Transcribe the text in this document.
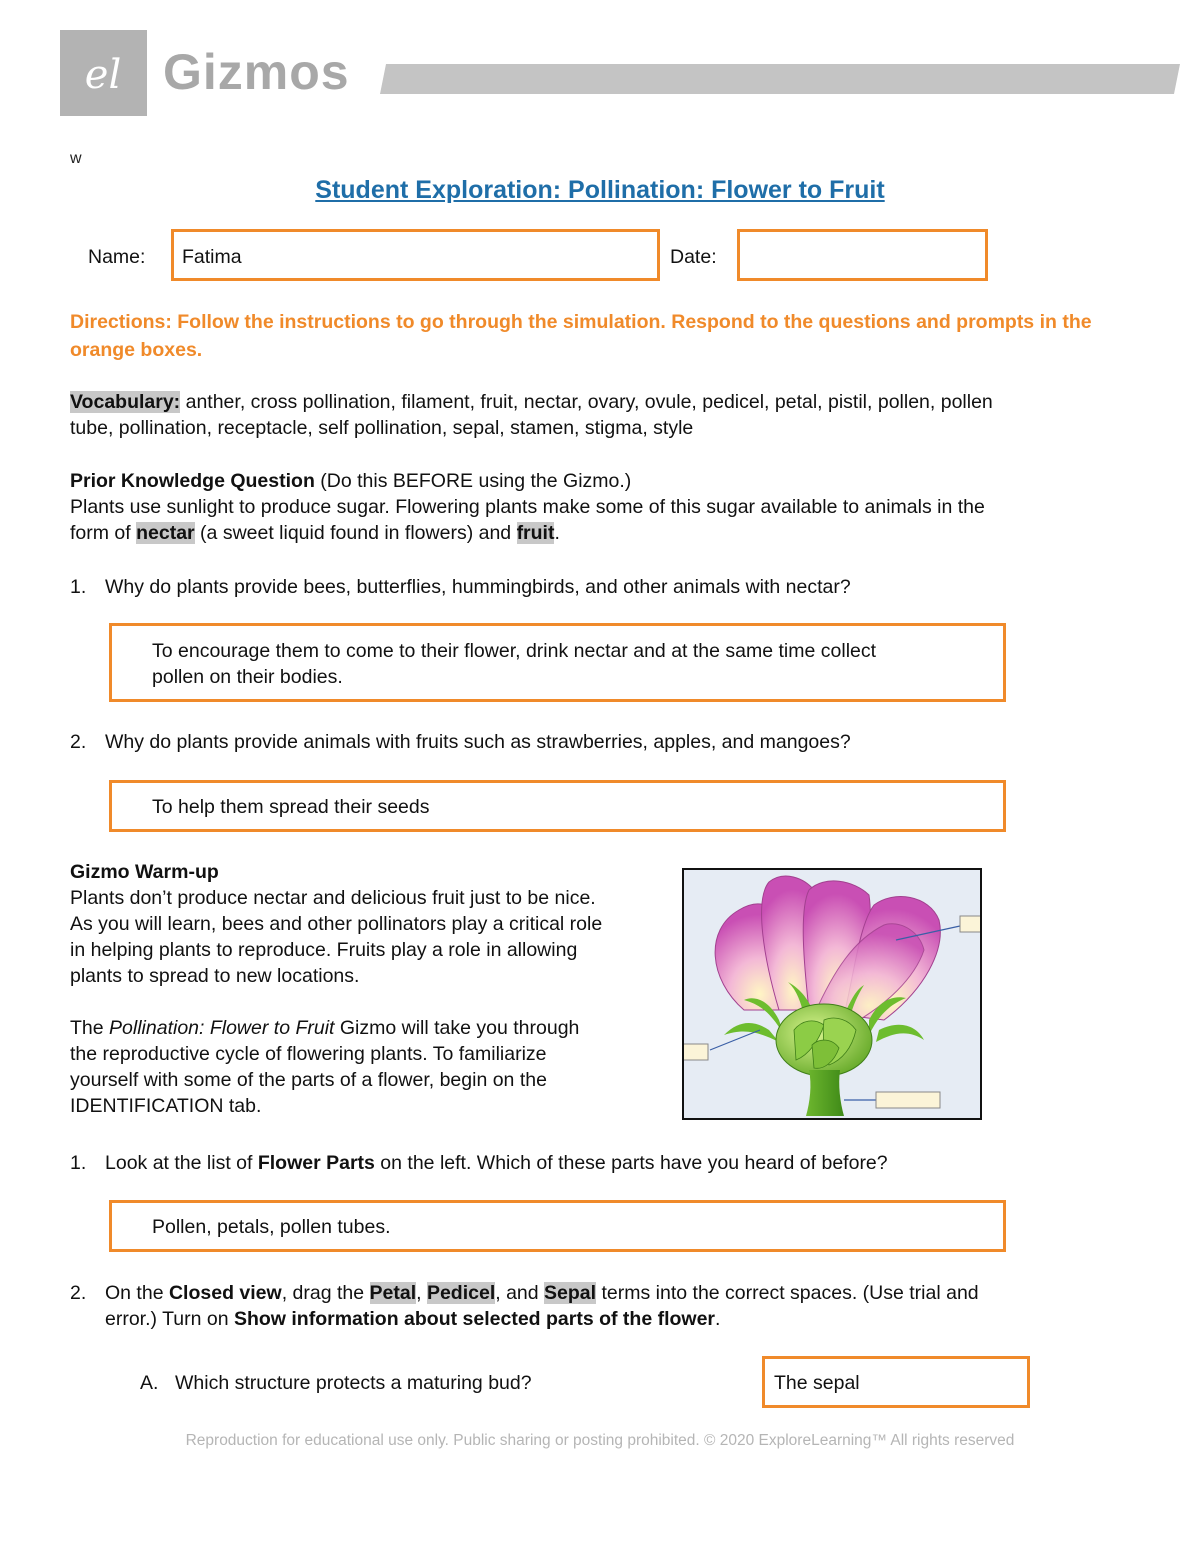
el Gizmos
w
Student Exploration: Pollination: Flower to Fruit
Name: Fatima	Date:
Directions: Follow the instructions to go through the simulation. Respond to the questions and prompts in the orange boxes.
Vocabulary: anther, cross pollination, filament, fruit, nectar, ovary, ovule, pedicel, petal, pistil, pollen, pollen
tube, pollination, receptacle, self pollination, sepal, stamen, stigma, style
Prior Knowledge Question (Do this BEFORE using the Gizmo.)
Plants use sunlight to produce sugar. Flowering plants make some of this sugar available to animals in the
form of nectar (a sweet liquid found in flowers) and fruit.
1. Why do plants provide bees, butterflies, hummingbirds, and other animals with nectar?
To encourage them to come to their flower, drink nectar and at the same time collect
pollen on their bodies.
2. Why do plants provide animals with fruits such as strawberries, apples, and mangoes?
To help them spread their seeds
Gizmo Warm-up
Plants don’t produce nectar and delicious fruit just to be nice.
As you will learn, bees and other pollinators play a critical role
in helping plants to reproduce. Fruits play a role in allowing
plants to spread to new locations.
The Pollination: Flower to Fruit Gizmo will take you through
the reproductive cycle of flowering plants. To familiarize
yourself with some of the parts of a flower, begin on the
IDENTIFICATION tab.
1. Look at the list of Flower Parts on the left. Which of these parts have you heard of before?
Pollen, petals, pollen tubes.
2. On the Closed view, drag the Petal, Pedicel, and Sepal terms into the correct spaces. (Use trial and
error.) Turn on Show information about selected parts of the flower.
A. Which structure protects a maturing bud?	The sepal
Reproduction for educational use only. Public sharing or posting prohibited. © 2020 ExploreLearning™ All rights reserved
